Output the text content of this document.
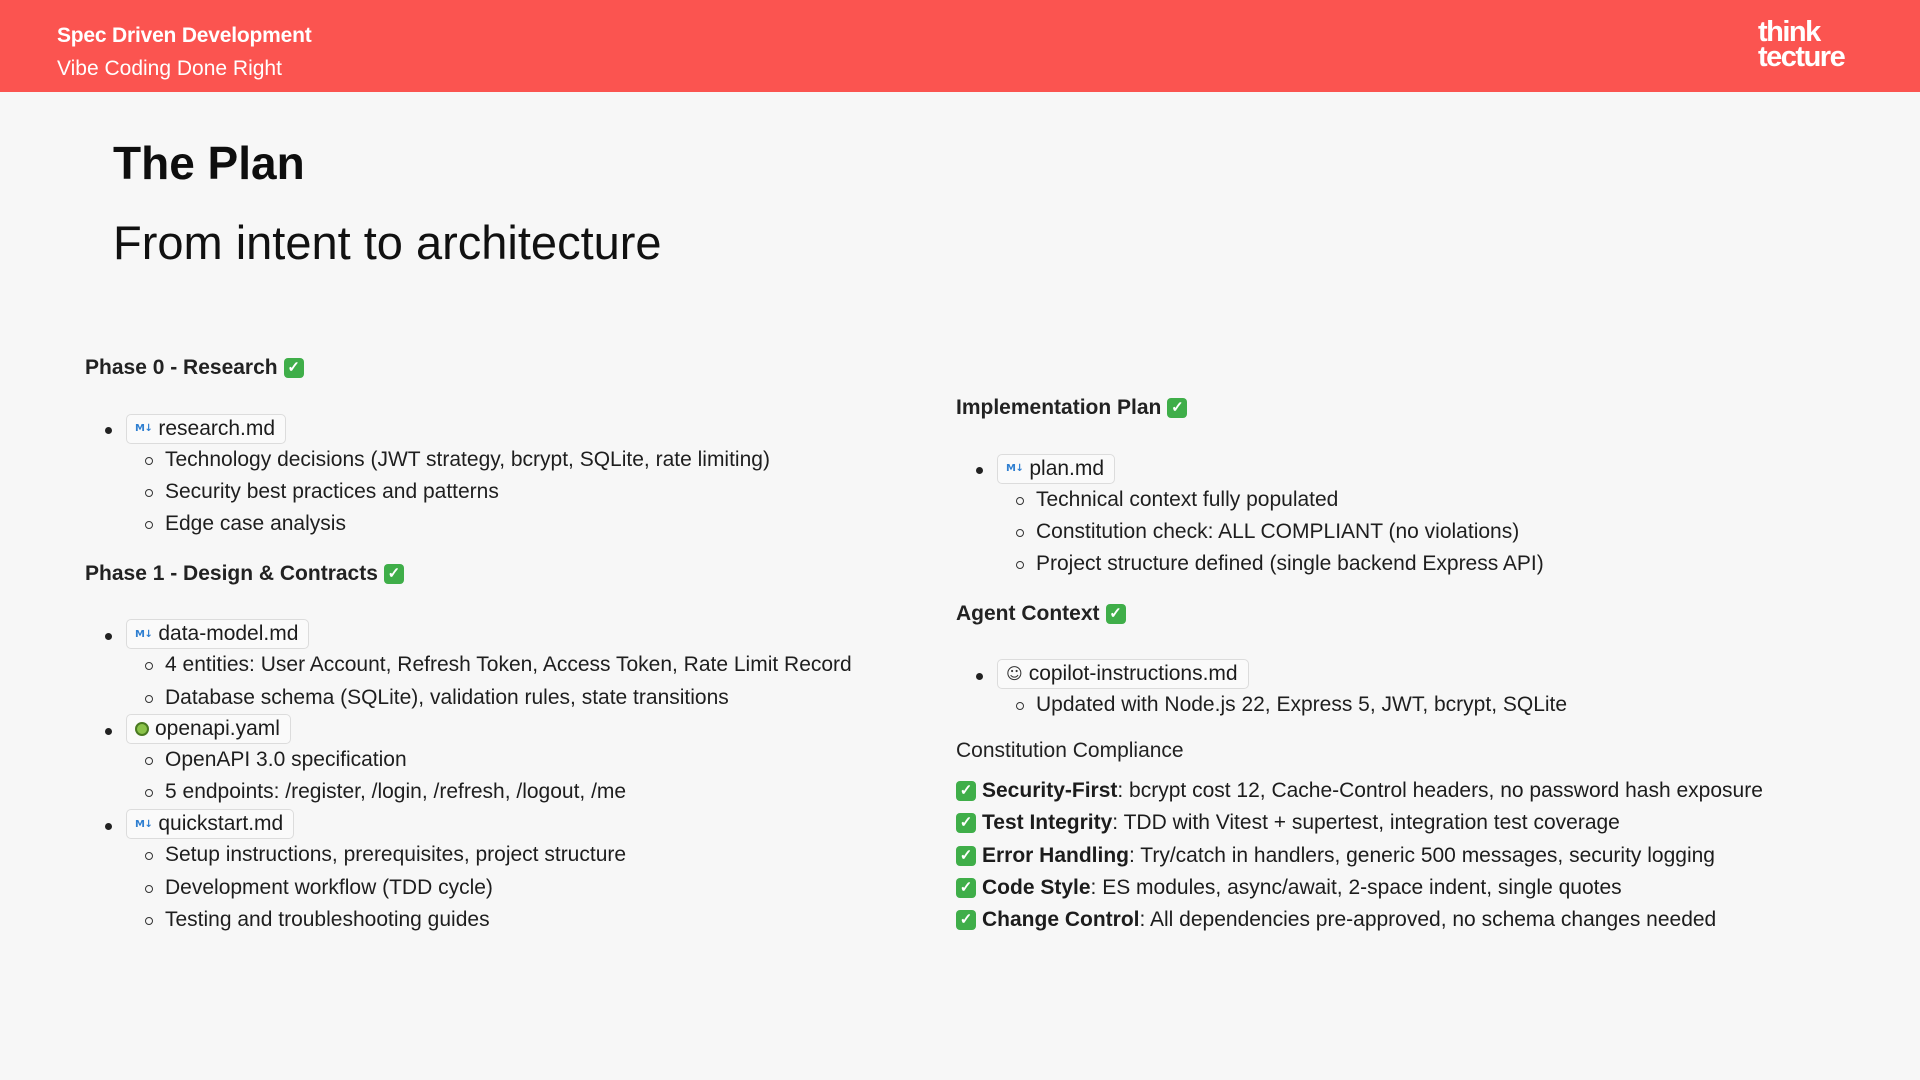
Spec Driven Development
Vibe Coding Done Right
think
tecture
The Plan
From intent to architecture
Phase 0 - Research ✓
M↓ research.md
Technology decisions (JWT strategy, bcrypt, SQLite, rate limiting)
Security best practices and patterns
Edge case analysis
Phase 1 - Design & Contracts ✓
M↓ data-model.md
4 entities: User Account, Refresh Token, Access Token, Rate Limit Record
Database schema (SQLite), validation rules, state transitions
openapi.yaml
OpenAPI 3.0 specification
5 endpoints: /register, /login, /refresh, /logout, /me
M↓ quickstart.md
Setup instructions, prerequisites, project structure
Development workflow (TDD cycle)
Testing and troubleshooting guides
Implementation Plan ✓
M↓ plan.md
Technical context fully populated
Constitution check: ALL COMPLIANT (no violations)
Project structure defined (single backend Express API)
Agent Context ✓
☺ copilot-instructions.md
Updated with Node.js 22, Express 5, JWT, bcrypt, SQLite
Constitution Compliance
✓ Security-First: bcrypt cost 12, Cache-Control headers, no password hash exposure
✓ Test Integrity: TDD with Vitest + supertest, integration test coverage
✓ Error Handling: Try/catch in handlers, generic 500 messages, security logging
✓ Code Style: ES modules, async/await, 2-space indent, single quotes
✓ Change Control: All dependencies pre-approved, no schema changes needed
